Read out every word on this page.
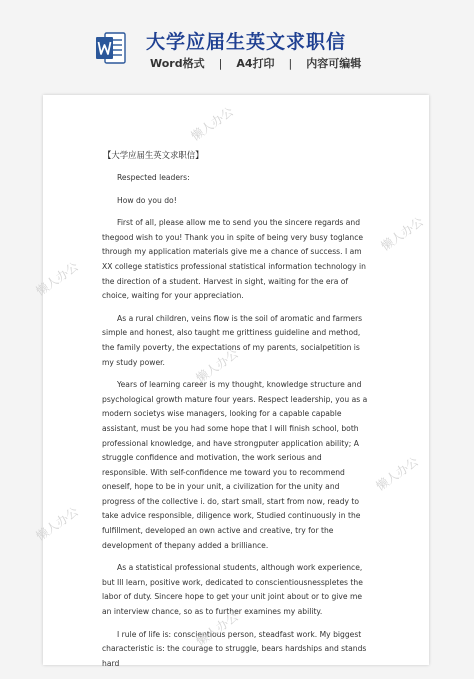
大学应届生英文求职信
Word格式 | A4打印 | 内容可编辑
【大学应届生英文求职信】

Respected leaders:

How do you do!

First of all, please allow me to send you the sincere regards and thegood wish to you! Thank you in spite of being very busy toglance through my application materials give me a chance of success. I am XX college statistics professional statistical information technology in the direction of a student. Harvest in sight, waiting for the era of choice, waiting for your appreciation.

As a rural children, veins flow is the soil of aromatic and farmers simple and honest, also taught me grittiness guideline and method, the family poverty, the expectations of my parents, socialpetition is my study power.

Years of learning career is my thought, knowledge structure and psychological growth mature four years. Respect leadership, you as a modern societys wise managers, looking for a capable capable assistant, must be you had some hope that I will finish school, both professional knowledge, and have strongputer application ability; A struggle confidence and motivation, the work serious and responsible. With self-confidence me toward you to recommend oneself, hope to be in your unit, a civilization for the unity and progress of the collective i. do, start small, start from now, ready to take advice responsible, diligence work, Studied continuously in the fulfillment, developed an own active and creative, try for the development of thepany added a brilliance.

As a statistical professional students, although work experience, but Ill learn, positive work, dedicated to conscientiousnesspletes the labor of duty. Sincere hope to get your unit joint about or to give me an interview chance, so as to further examines my ability.

I rule of life is: conscientious person, steadfast work. My biggest characteristic is: the courage to struggle, bears hardships and stands hard

懒人办公
懒人办公
懒人办公
懒人办公
懒人办公
懒人办公
懒人办公
